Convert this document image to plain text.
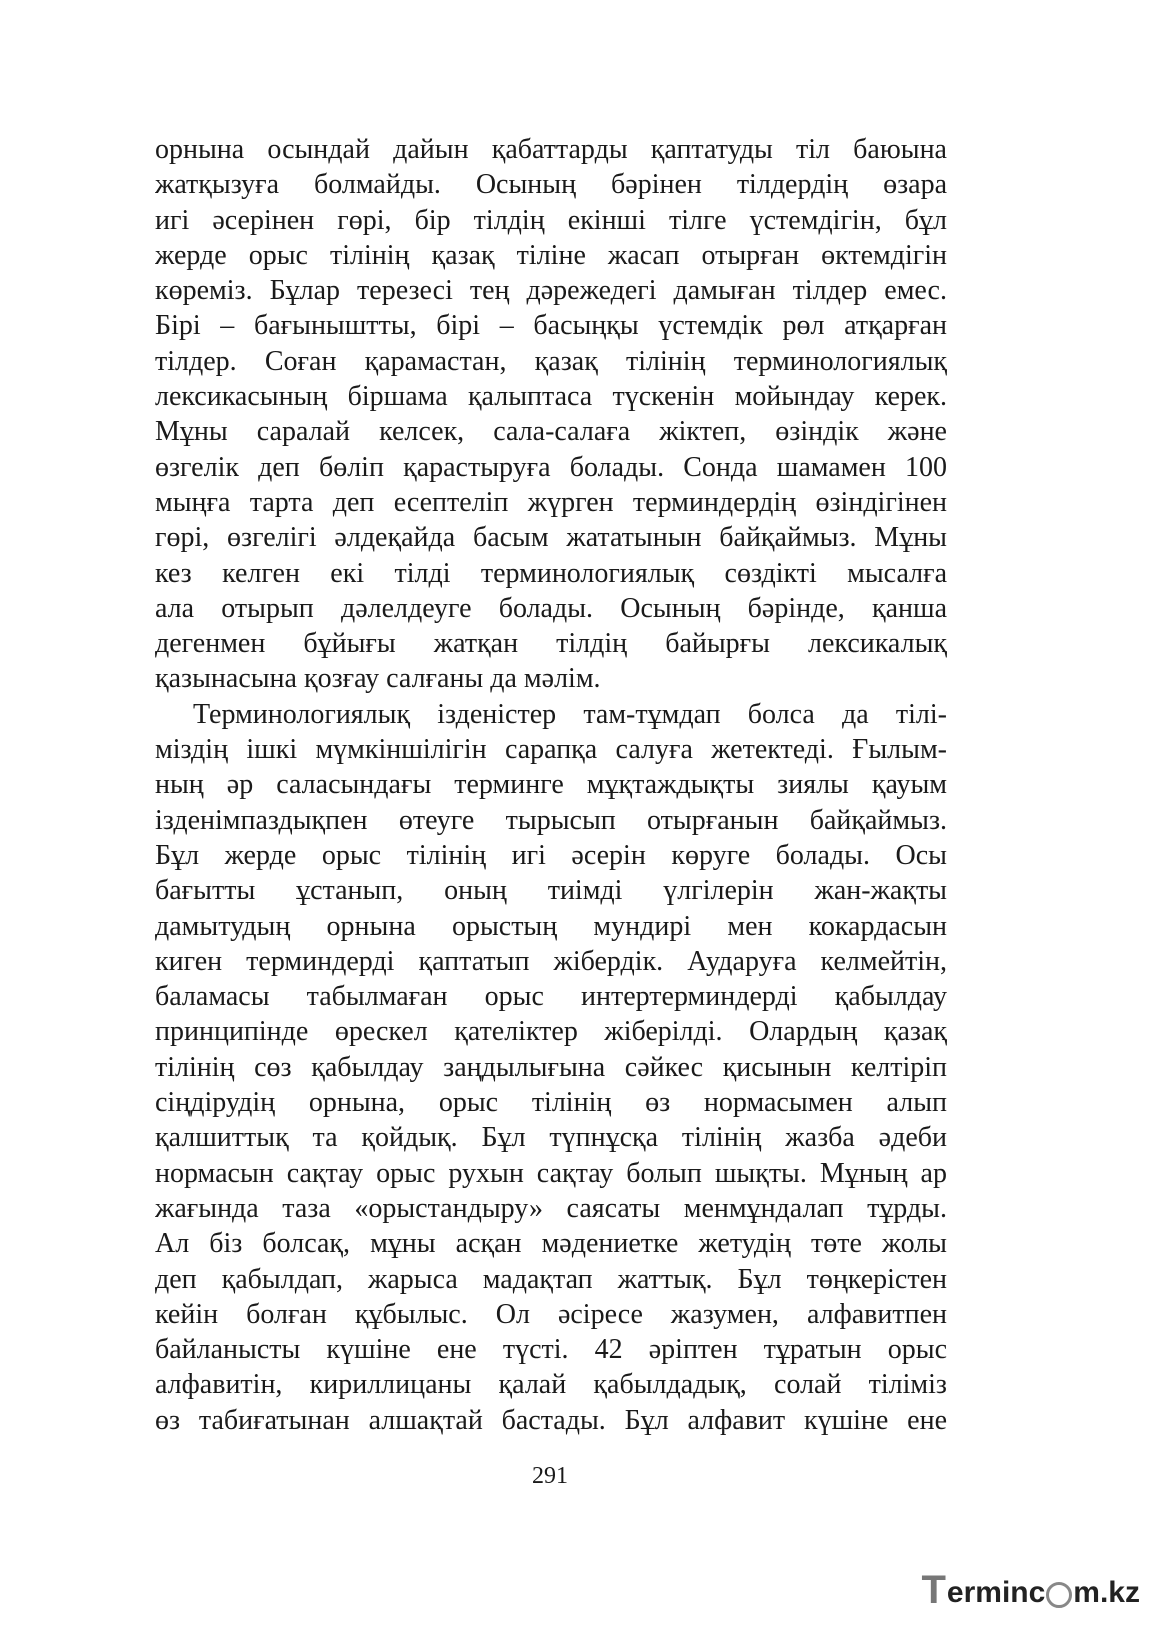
орнына осындай дайын қабаттарды қаптатуды тіл баюына
жатқызуға болмайды. Осының бәрінен тілдердің өзара
игі әсерінен гөрі, бір тілдің екінші тілге үстемдігін, бұл
жерде орыс тілінің қазақ тіліне жасап отырған өктемдігін
көреміз. Бұлар терезесі тең дәрежедегі дамыған тілдер емес.
Бірі – бағыныштты, бірі – басыңқы үстемдік рөл атқарған
тілдер. Соған қарамастан, қазақ тілінің терминологиялық
лексикасының біршама қалыптаса түскенін мойындау керек.
Мұны саралай келсек, сала-салаға жіктеп, өзіндік және
өзгелік деп бөліп қарастыруға болады. Сонда шамамен 100
мыңға тарта деп есептеліп жүрген терминдердің өзіндігінен
гөрі, өзгелігі әлдеқайда басым жататынын байқаймыз. Мұны
кез келген екі тілді терминологиялық сөздікті мысалға
ала отырып дәлелдеуге болады. Осының бәрінде, қанша
дегенмен бұйығы жатқан тілдің байырғы лексикалық
қазынасына қозғау салғаны да мәлім.
Терминологиялық ізденістер там-тұмдап болса да тілі-
міздің ішкі мүмкіншілігін сарапқа салуға жетектеді. Ғылым-
ның әр саласындағы терминге мұқтаждықты зиялы қауым
ізденімпаздықпен өтеуге тырысып отырғанын байқаймыз.
Бұл жерде орыс тілінің игі әсерін көруге болады. Осы
бағытты ұстанып, оның тиімді үлгілерін жан-жақты
дамытудың орнына орыстың мундирі мен кокардасын
киген терминдерді қаптатып жібердік. Аударуға келмейтін,
баламасы табылмаған орыс интертерминдерді қабылдау
принципінде өрескел қателіктер жіберілді. Олардың қазақ
тілінің сөз қабылдау заңдылығына сәйкес қисынын келтіріп
сіңдірудің орнына, орыс тілінің өз нормасымен алып
қалшиттық та қойдық. Бұл түпнұсқа тілінің жазба әдеби
нормасын сақтау орыс рухын сақтау болып шықты. Мұның ар
жағында таза «орыстандыру» саясаты менмұндалап тұрды.
Ал біз болсақ, мұны асқан мәдениетке жетудің төте жолы
деп қабылдап, жарыса мадақтап жаттық. Бұл төңкерістен
кейін болған құбылыс. Ол әсіресе жазумен, алфавитпен
байланысты күшіне ене түсті. 42 әріптен тұратын орыс
алфавитін, кириллицаны қалай қабылдадық, солай тіліміз
өз табиғатынан алшақтай бастады. Бұл алфавит күшіне ене
291
T erminc m.kz
